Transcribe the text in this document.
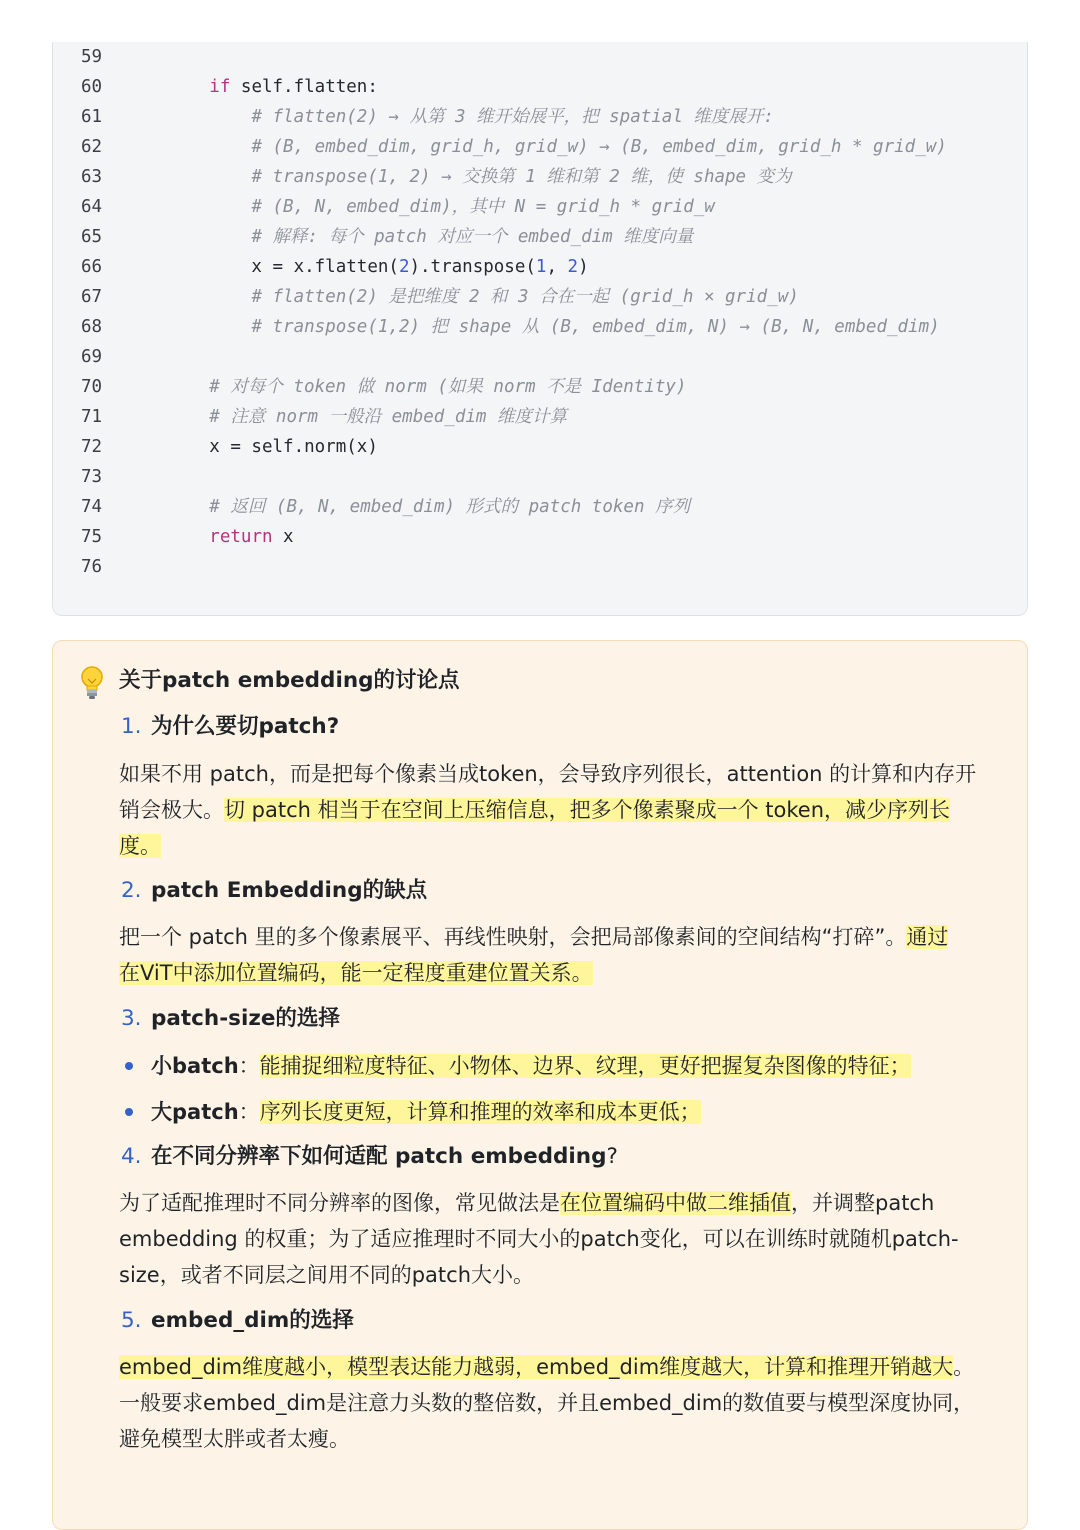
59
60	if self.flatten:
61	# flatten(2) → 从第 3 维开始展平，把 spatial 维度展开:
62	# (B, embed_dim, grid_h, grid_w) → (B, embed_dim, grid_h * grid_w)
63	# transpose(1, 2) → 交换第 1 维和第 2 维，使 shape 变为
64	# (B, N, embed_dim)，其中 N = grid_h * grid_w
65	# 解释: 每个 patch 对应一个 embed_dim 维度向量
66	x = x.flatten(2).transpose(1, 2)
67	# flatten(2) 是把维度 2 和 3 合在一起 (grid_h × grid_w)
68	# transpose(1,2) 把 shape 从 (B, embed_dim, N) → (B, N, embed_dim)
69
70	# 对每个 token 做 norm (如果 norm 不是 Identity)
71	# 注意 norm 一般沿 embed_dim 维度计算
72	x = self.norm(x)
73
74	# 返回 (B, N, embed_dim) 形式的 patch token 序列
75	return x
76
关于patch embedding的讨论点
1. 为什么要切patch?
如果不用 patch，而是把每个像素当成token，会导致序列很长，attention 的计算和内存开
销会极大。切 patch 相当于在空间上压缩信息，把多个像素聚成一个 token，减少序列长
度。
2. patch Embedding的缺点
把一个 patch 里的多个像素展平、再线性映射，会把局部像素间的空间结构“打碎”。通过
在ViT中添加位置编码，能一定程度重建位置关系。
3. patch-size的选择
小batch：能捕捉细粒度特征、小物体、边界、纹理，更好把握复杂图像的特征；
大patch：序列长度更短，计算和推理的效率和成本更低；
4. 在不同分辨率下如何适配 patch embedding?
为了适配推理时不同分辨率的图像，常见做法是在位置编码中做二维插值，并调整patch
embedding 的权重；为了适应推理时不同大小的patch变化，可以在训练时就随机patch-
size，或者不同层之间用不同的patch大小。
5. embed_dim的选择
embed_dim维度越小，模型表达能力越弱，embed_dim维度越大，计算和推理开销越大。
一般要求embed_dim是注意力头数的整倍数，并且embed_dim的数值要与模型深度协同，
避免模型太胖或者太瘦。
